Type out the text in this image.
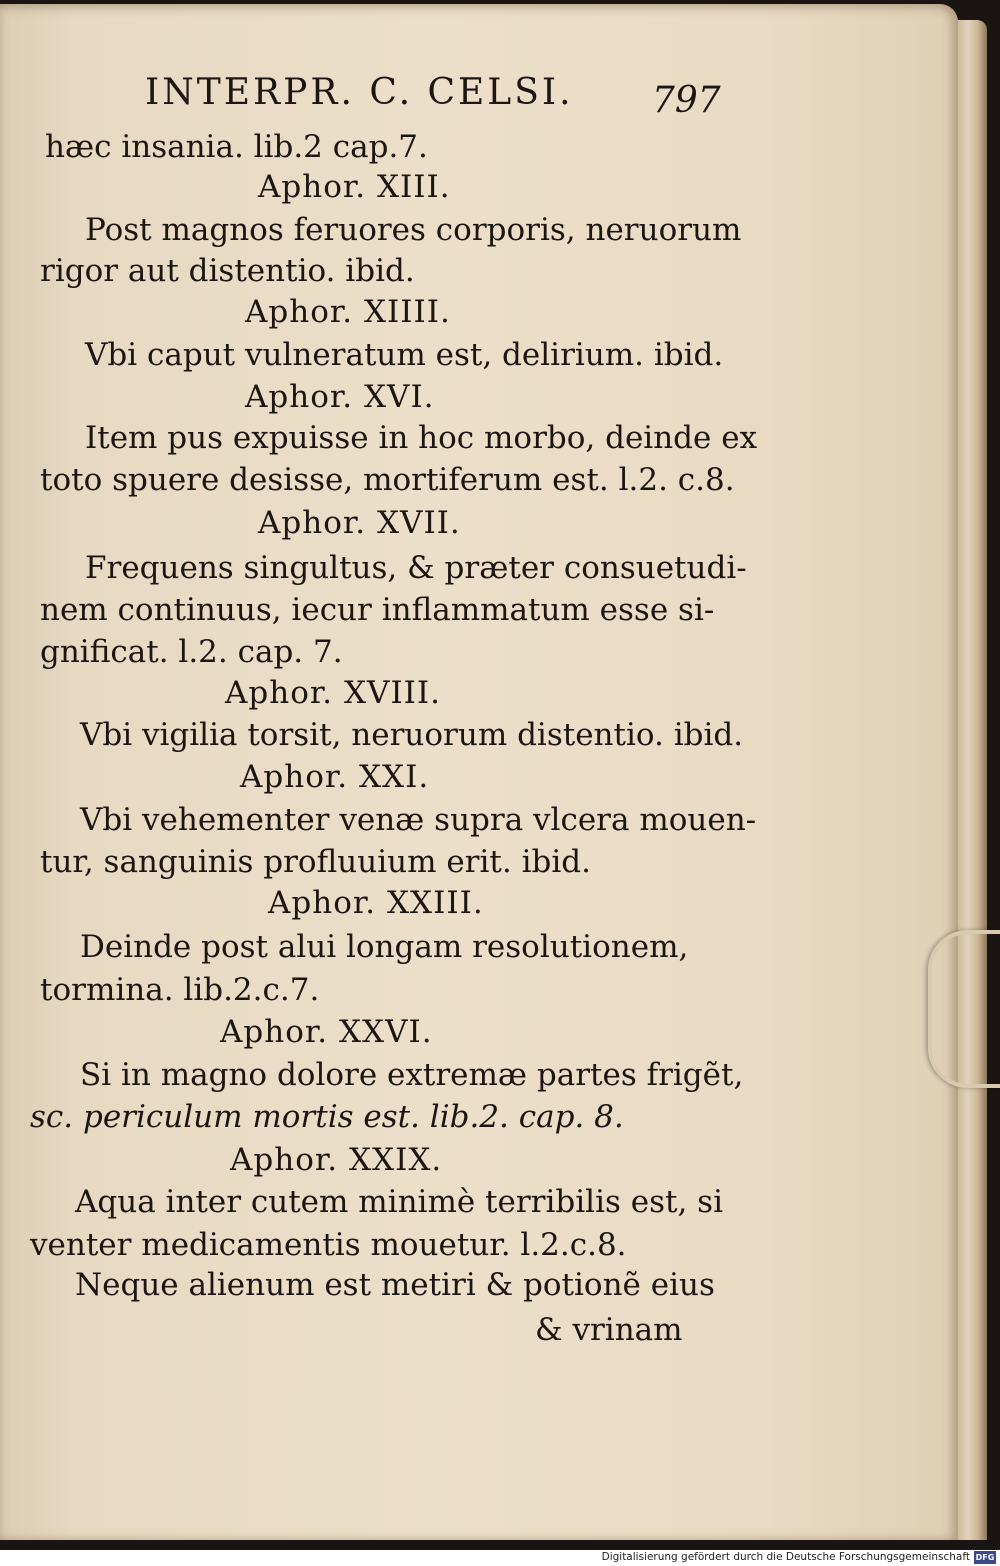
INTERPR. C. CELSI. 797
hæc insania. lib.2 cap.7.
Aphor. XIII.
Post magnos feruores corporis, neruorum
rigor aut distentio. ibid.
Aphor. XIIII.
Vbi caput vulneratum est, delirium. ibid.
Aphor. XVI.
Item pus expuisse in hoc morbo, deinde ex
toto spuere desisse, mortiferum est. l.2. c.8.
Aphor. XVII.
Frequens singultus, & præter consuetudi-
nem continuus, iecur inflammatum esse si-
gnificat. l.2. cap. 7.
Aphor. XVIII.
Vbi vigilia torsit, neruorum distentio. ibid.
Aphor. XXI.
Vbi vehementer venæ supra vlcera mouen-
tur, sanguinis profluuium erit. ibid.
Aphor. XXIII.
Deinde post alui longam resolutionem,
tormina. lib.2.c.7.
Aphor. XXVI.
Si in magno dolore extremæ partes frigẽt,
sc. periculum mortis est. lib.2. cap. 8.
Aphor. XXIX.
Aqua inter cutem minimè terribilis est, si
venter medicamentis mouetur. l.2.c.8.
Neque alienum est metiri & potionẽ eius
& vrinam
Digitalisierung gefördert durch die Deutsche Forschungsgemeinschaft DFG
